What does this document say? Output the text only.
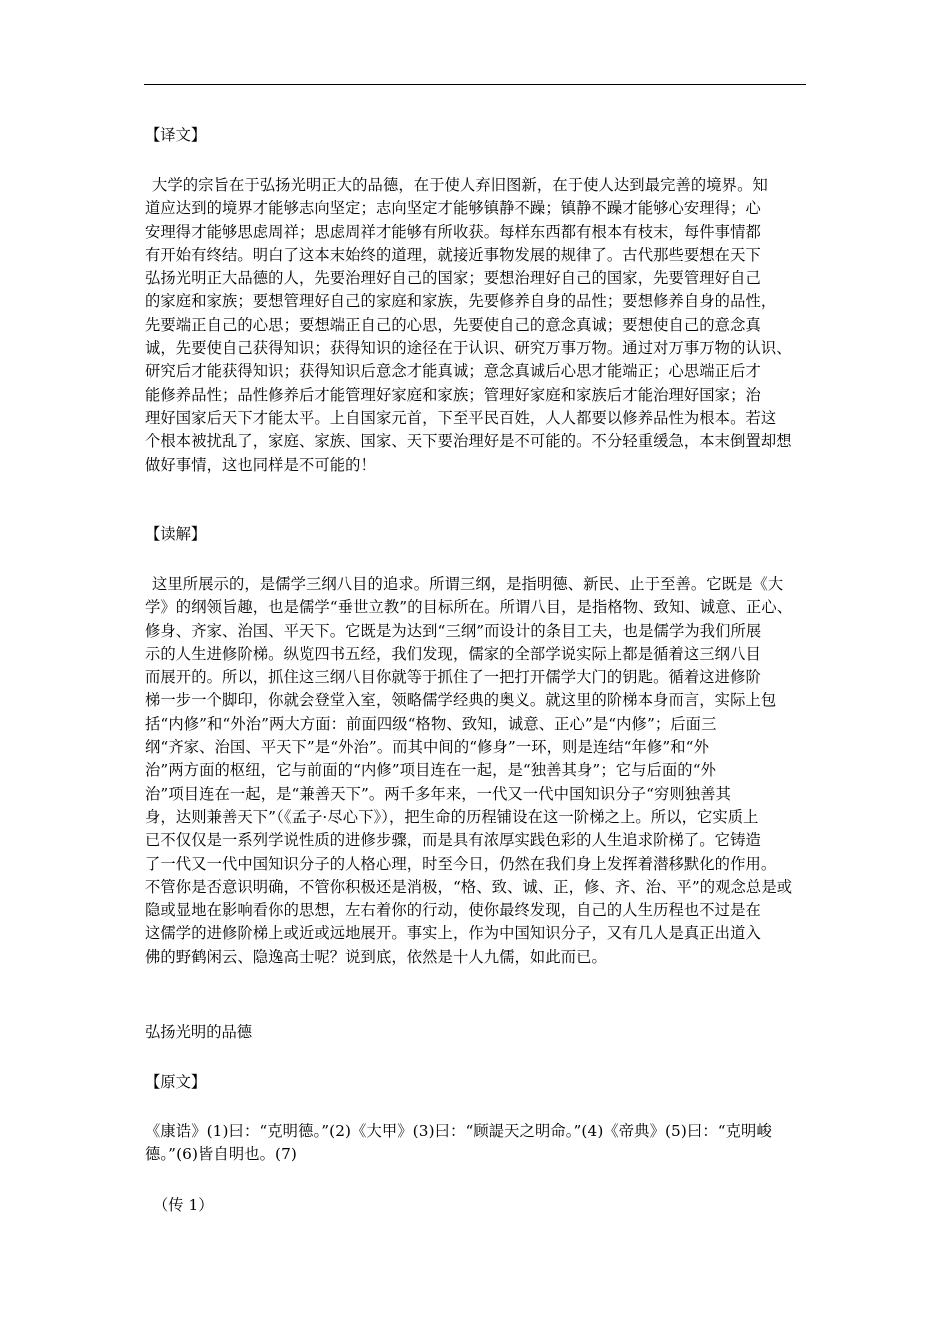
【译文】
大学的宗旨在于弘扬光明正大的品德，在于使人弃旧图新，在于使人达到最完善的境界。知
道应达到的境界才能够志向坚定；志向坚定才能够镇静不躁；镇静不躁才能够心安理得；心
安理得才能够思虑周祥；思虑周祥才能够有所收获。每样东西都有根本有枝末，每件事情都
有开始有终结。明白了这本末始终的道理，就接近事物发展的规律了。古代那些要想在天下
弘扬光明正大品德的人，先要治理好自己的国家；要想治理好自己的国家，先要管理好自己
的家庭和家族；要想管理好自己的家庭和家族，先要修养自身的品性；要想修养自身的品性，
先要端正自己的心思；要想端正自己的心思，先要使自己的意念真诚；要想使自己的意念真
诚，先要使自己获得知识；获得知识的途径在于认识、研究万事万物。通过对万事万物的认识、
研究后才能获得知识；获得知识后意念才能真诚；意念真诚后心思才能端正；心思端正后才
能修养品性；品性修养后才能管理好家庭和家族；管理好家庭和家族后才能治理好国家；治
理好国家后天下才能太平。上自国家元首，下至平民百姓，人人都要以修养品性为根本。若这
个根本被扰乱了，家庭、家族、国家、天下要治理好是不可能的。不分轻重缓急，本末倒置却想
做好事情，这也同样是不可能的！
【读解】
这里所展示的，是儒学三纲八目的追求。所谓三纲，是指明德、新民、止于至善。它既是《大
学》的纲领旨趣，也是儒学“垂世立教”的目标所在。所谓八目，是指格物、致知、诚意、正心、
修身、齐家、治国、平天下。它既是为达到“三纲”而设计的条目工夫，也是儒学为我们所展
示的人生进修阶梯。纵览四书五经，我们发现，儒家的全部学说实际上都是循着这三纲八目
而展开的。所以，抓住这三纲八目你就等于抓住了一把打开儒学大门的钥匙。循着这进修阶
梯一步一个脚印，你就会登堂入室，领略儒学经典的奥义。就这里的阶梯本身而言，实际上包
括“内修”和“外治”两大方面：前面四级“格物、致知，诚意、正心”是“内修”；后面三
纲“齐家、治国、平天下”是“外治”。而其中间的“修身”一环，则是连结“年修”和“外
治”两方面的枢纽，它与前面的“内修”项目连在一起，是“独善其身”；它与后面的“外
治”项目连在一起，是“兼善天下”。两千多年来，一代又一代中国知识分子“穷则独善其
身，达则兼善天下”（《孟子·尽心下》），把生命的历程铺设在这一阶梯之上。所以，它实质上
已不仅仅是一系列学说性质的进修步骤，而是具有浓厚实践色彩的人生追求阶梯了。它铸造
了一代又一代中国知识分子的人格心理，时至今日，仍然在我们身上发挥着潜移默化的作用。
不管你是否意识明确，不管你积极还是消极，“格、致、诚、正，修、齐、治、平”的观念总是或
隐或显地在影响看你的思想，左右着你的行动，使你最终发现，自己的人生历程也不过是在
这儒学的进修阶梯上或近或远地展开。事实上，作为中国知识分子，又有几人是真正出道入
佛的野鹤闲云、隐逸高士呢？说到底，依然是十人九儒，如此而已。
弘扬光明的品德
【原文】
《康诰》(1)曰：“克明德。”(2)《大甲》(3)曰：“顾諟天之明命。”(4)《帝典》(5)曰：“克明峻
德。”(6)皆自明也。(7)
（传 1）
